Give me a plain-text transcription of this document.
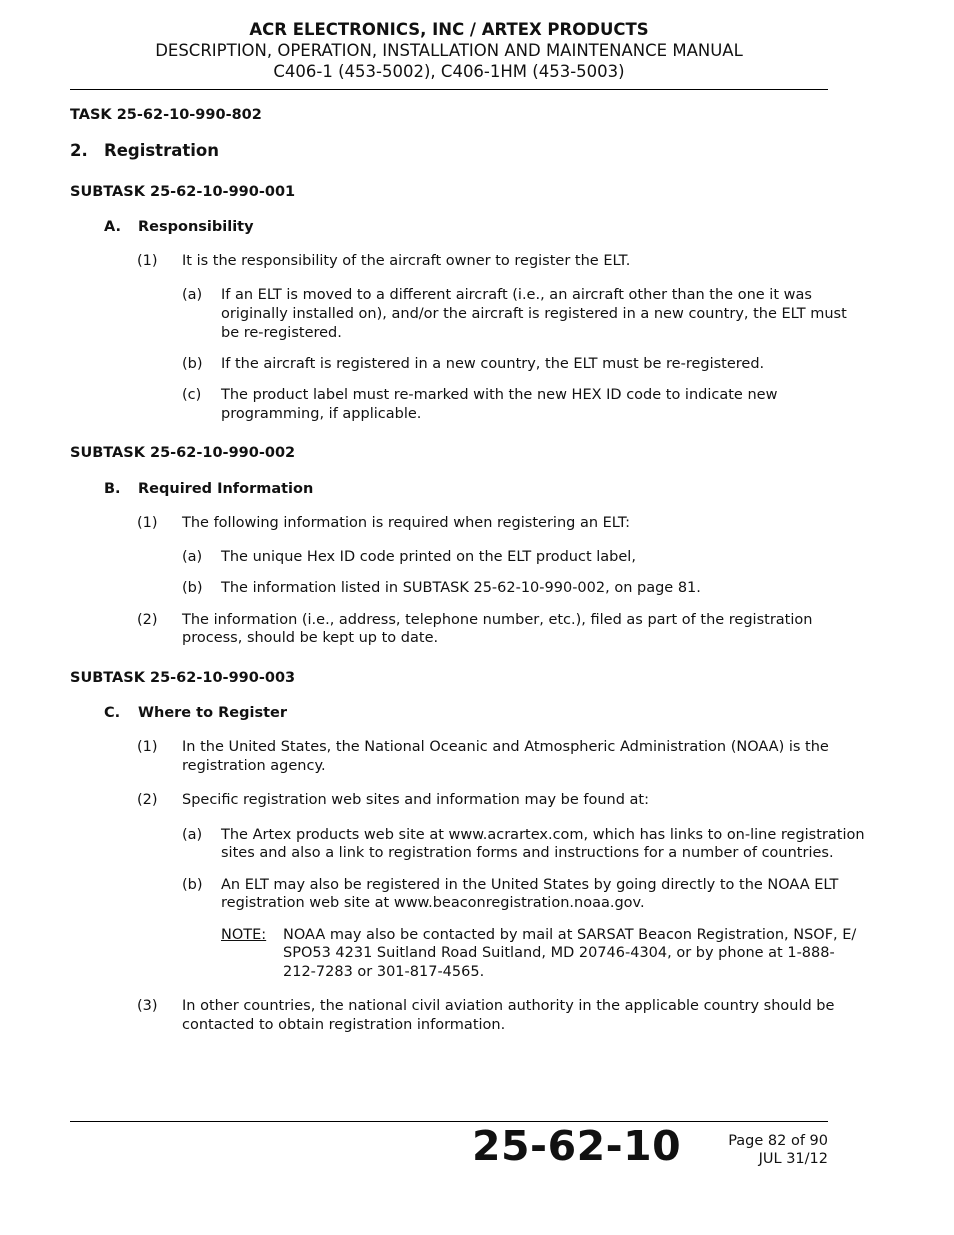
ACR ELECTRONICS, INC / ARTEX PRODUCTS
DESCRIPTION, OPERATION, INSTALLATION AND MAINTENANCE MANUAL
C406-1 (453-5002), C406-1HM (453-5003)
TASK 25-62-10-990-802
2. Registration
SUBTASK 25-62-10-990-001
A. Responsibility
(1) It is the responsibility of the aircraft owner to register the ELT.
(a) If an ELT is moved to a different aircraft (i.e., an aircraft other than the one it was
originally installed on), and/or the aircraft is registered in a new country, the ELT must
be re-registered.
(b) If the aircraft is registered in a new country, the ELT must be re-registered.
(c) The product label must re-marked with the new HEX ID code to indicate new
programming, if applicable.
SUBTASK 25-62-10-990-002
B. Required Information
(1) The following information is required when registering an ELT:
(a) The unique Hex ID code printed on the ELT product label,
(b) The information listed in SUBTASK 25-62-10-990-002, on page 81.
(2) The information (i.e., address, telephone number, etc.), filed as part of the registration
process, should be kept up to date.
SUBTASK 25-62-10-990-003
C. Where to Register
(1) In the United States, the National Oceanic and Atmospheric Administration (NOAA) is the
registration agency.
(2) Specific registration web sites and information may be found at:
(a) The Artex products web site at www.acrartex.com, which has links to on-line registration
sites and also a link to registration forms and instructions for a number of countries.
(b) An ELT may also be registered in the United States by going directly to the NOAA ELT
registration web site at www.beaconregistration.noaa.gov.
NOTE: NOAA may also be contacted by mail at SARSAT Beacon Registration, NSOF, E/
SPO53 4231 Suitland Road Suitland, MD 20746-4304, or by phone at 1-888-
212-7283 or 301-817-4565.
(3) In other countries, the national civil aviation authority in the applicable country should be
contacted to obtain registration information.
25-62-10	Page 82 of 90
JUL 31/12
